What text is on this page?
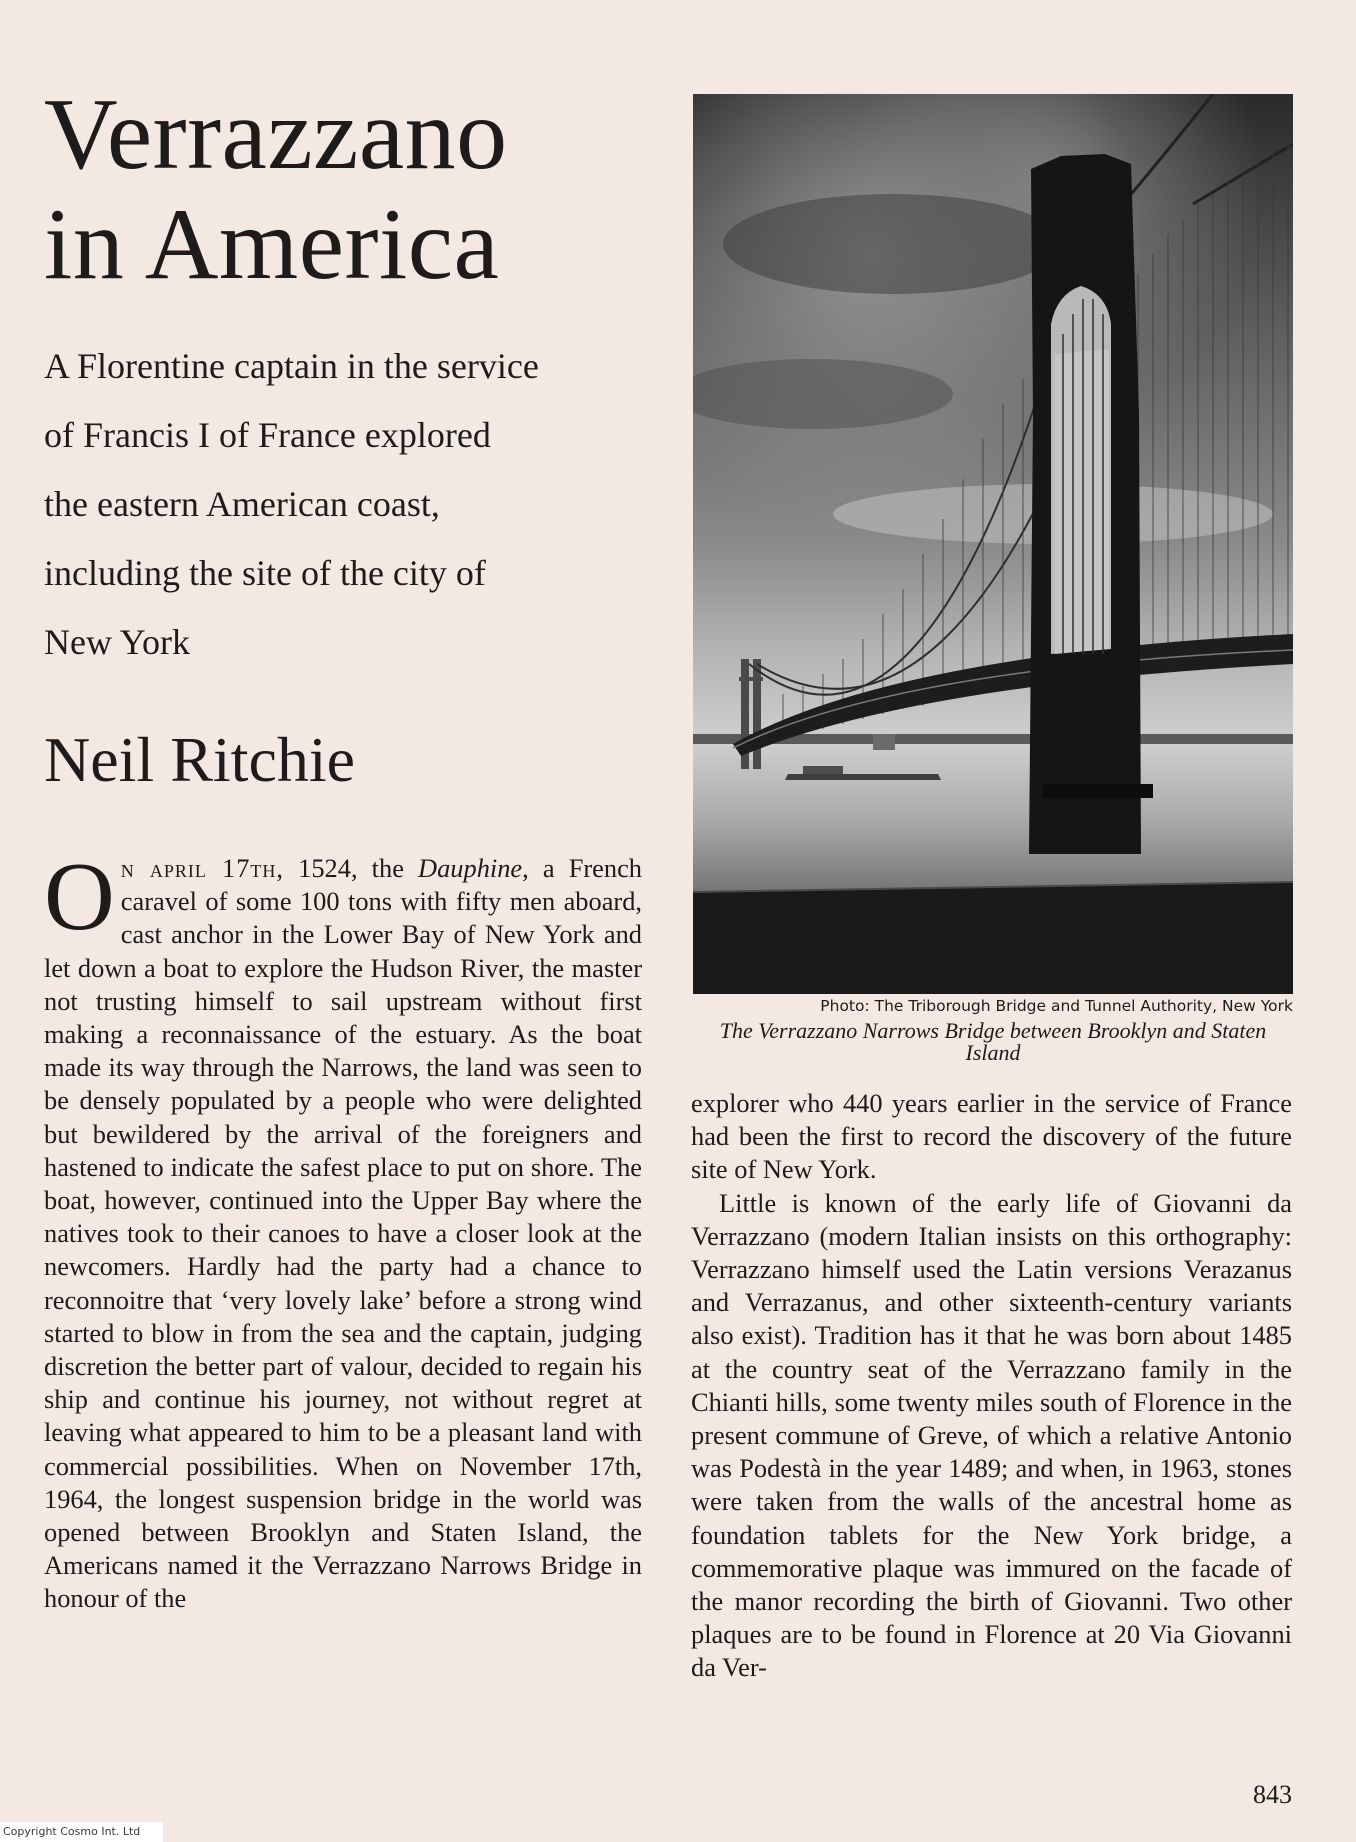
Verrazzano
in America
A Florentine captain in the service
of Francis I of France explored
the eastern American coast,
including the site of the city of
New York
Neil Ritchie

On april 17th, 1524, the Dauphine, a French caravel of some 100 tons with fifty men aboard, cast anchor in the Lower Bay of New York and let down a boat to explore the Hudson River, the master not trusting himself to sail upstream without first making a reconnaissance of the estuary. As the boat made its way through the Narrows, the land was seen to be densely populated by a people who were delighted but bewildered by the arrival of the foreigners and hastened to indicate the safest place to put on shore. The boat, however, continued into the Upper Bay where the natives took to their canoes to have a closer look at the newcomers. Hardly had the party had a chance to reconnoitre that ‘very lovely lake’ before a strong wind started to blow in from the sea and the captain, judging discretion the better part of valour, decided to regain his ship and continue his journey, not without regret at leaving what appeared to him to be a pleasant land with commercial possibilities. When on November 17th, 1964, the longest suspension bridge in the world was opened between Brooklyn and Staten Island, the Americans named it the Verrazzano Narrows Bridge in honour of the

Photo: The Triborough Bridge and Tunnel Authority, New York
The Verrazzano Narrows Bridge between Brooklyn and Staten Island

explorer who 440 years earlier in the service of France had been the first to record the discovery of the future site of New York.

Little is known of the early life of Giovanni da Verrazzano (modern Italian insists on this orthography: Verrazzano himself used the Latin versions Verazanus and Verrazanus, and other sixteenth-century variants also exist). Tradition has it that he was born about 1485 at the country seat of the Verrazzano family in the Chianti hills, some twenty miles south of Florence in the present commune of Greve, of which a relative Antonio was Podestà in the year 1489; and when, in 1963, stones were taken from the walls of the ancestral home as foundation tablets for the New York bridge, a commemorative plaque was immured on the facade of the manor recording the birth of Giovanni. Two other plaques are to be found in Florence at 20 Via Giovanni da Ver-

843
Copyright Cosmo Int. Ltd
